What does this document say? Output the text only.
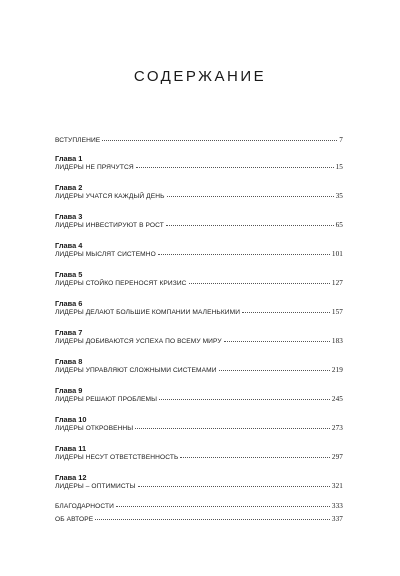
СОДЕРЖАНИЕ
ВСТУПЛЕНИЕ	7
Глава 1
ЛИДЕРЫ НЕ ПРЯЧУТСЯ	15
Глава 2
ЛИДЕРЫ УЧАТСЯ КАЖДЫЙ ДЕНЬ	35
Глава 3
ЛИДЕРЫ ИНВЕСТИРУЮТ В РОСТ	65
Глава 4
ЛИДЕРЫ МЫСЛЯТ СИСТЕМНО	101
Глава 5
ЛИДЕРЫ СТОЙКО ПЕРЕНОСЯТ КРИЗИС	127
Глава 6
ЛИДЕРЫ ДЕЛАЮТ БОЛЬШИЕ КОМПАНИИ МАЛЕНЬКИМИ	157
Глава 7
ЛИДЕРЫ ДОБИВАЮТСЯ УСПЕХА ПО ВСЕМУ МИРУ	183
Глава 8
ЛИДЕРЫ УПРАВЛЯЮТ СЛОЖНЫМИ СИСТЕМАМИ	219
Глава 9
ЛИДЕРЫ РЕШАЮТ ПРОБЛЕМЫ	245
Глава 10
ЛИДЕРЫ ОТКРОВЕННЫ	273
Глава 11
ЛИДЕРЫ НЕСУТ ОТВЕТСТВЕННОСТЬ	297
Глава 12
ЛИДЕРЫ – ОПТИМИСТЫ	321
БЛАГОДАРНОСТИ	333
ОБ АВТОРЕ	337
